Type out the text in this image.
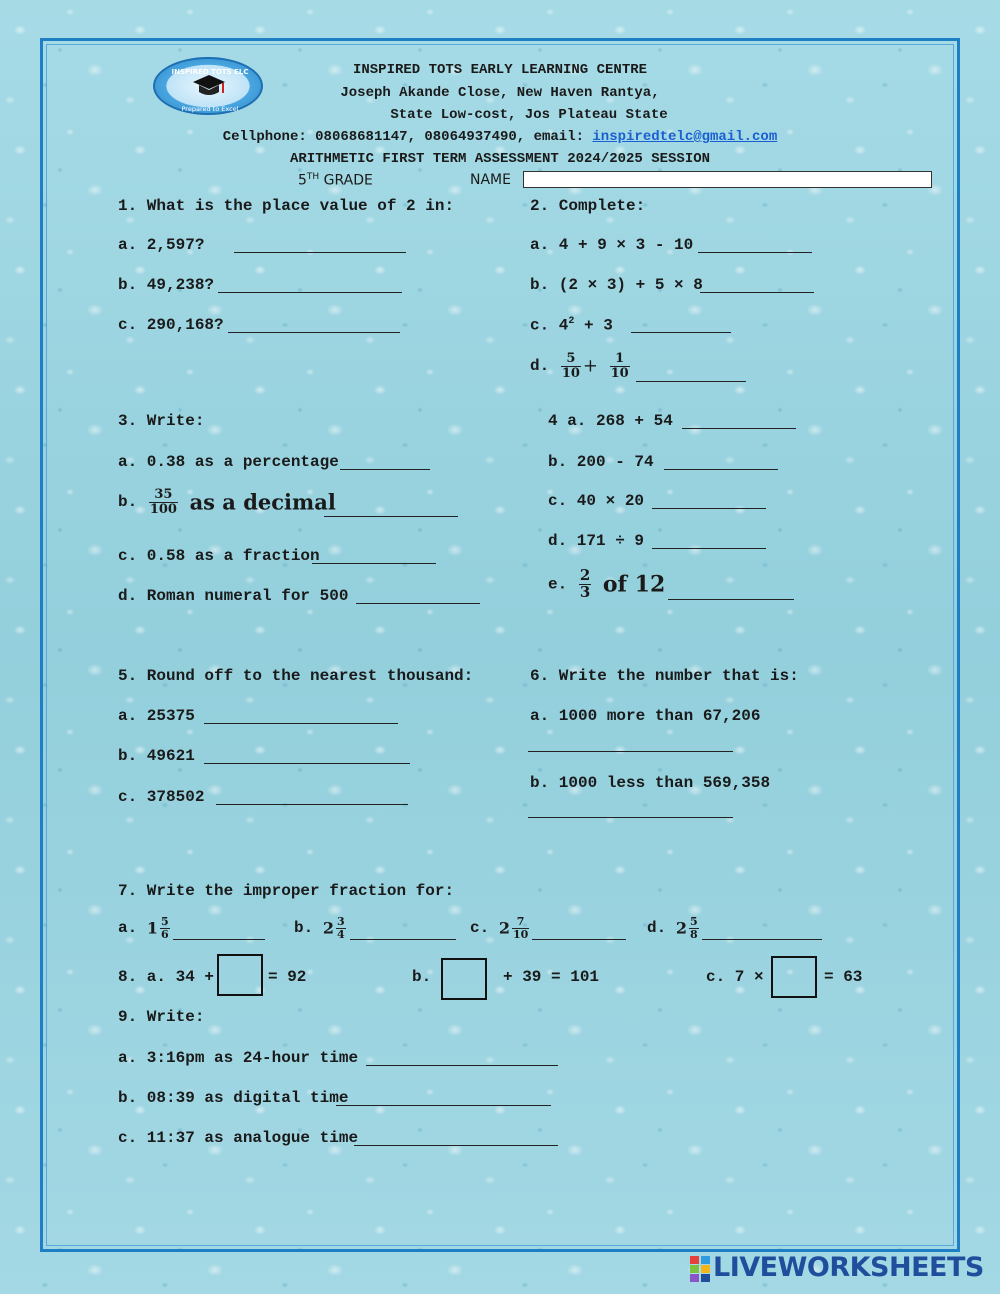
INSPIRED TOTS ELC
Prepared to Excel
INSPIRED TOTS EARLY LEARNING CENTRE
Joseph Akande Close, New Haven Rantya,
State Low-cost, Jos Plateau State
Cellphone: 08068681147, 08064937490, email: inspiredtelc@gmail.com
ARITHMETIC FIRST TERM ASSESSMENT 2024/2025 SESSION
5TH GRADE	NAME
1. What is the place value of 2 in:
a. 2,597?
b. 49,238?
c. 290,168?
2. Complete:
a. 4 + 9 × 3 - 10
b. (2 × 3) + 5 × 8
c. $4^2 + 3$
d. $\frac{5}{10} + \frac{1}{10}$
3. Write:
a. 0.38 as a percentage
b. $\frac{35}{100}$ as a decimal
c. 0.58 as a fraction
d. Roman numeral for 500
4 a. 268 + 54
b. 200 - 74
c. 40 × 20
d. 171 ÷ 9
e. $\frac{2}{3}$ of 12
5. Round off to the nearest thousand:
a. 25375
b. 49621
c. 378502
6. Write the number that is:
a. 1000 more than 67,206
b. 1000 less than 569,358
7. Write the improper fraction for:
a. $1 \frac{5}{6}$	b. $2 \frac{3}{4}$	c. $2 \frac{7}{10}$	d. $2 \frac{5}{8}$
8. a. 34 +	= 92	b.	+ 39 = 101	c. 7 ×	= 63
9. Write:
a. 3:16pm as 24-hour time
b. 08:39 as digital time
c. 11:37 as analogue time
LIVEWORKSHEETS
